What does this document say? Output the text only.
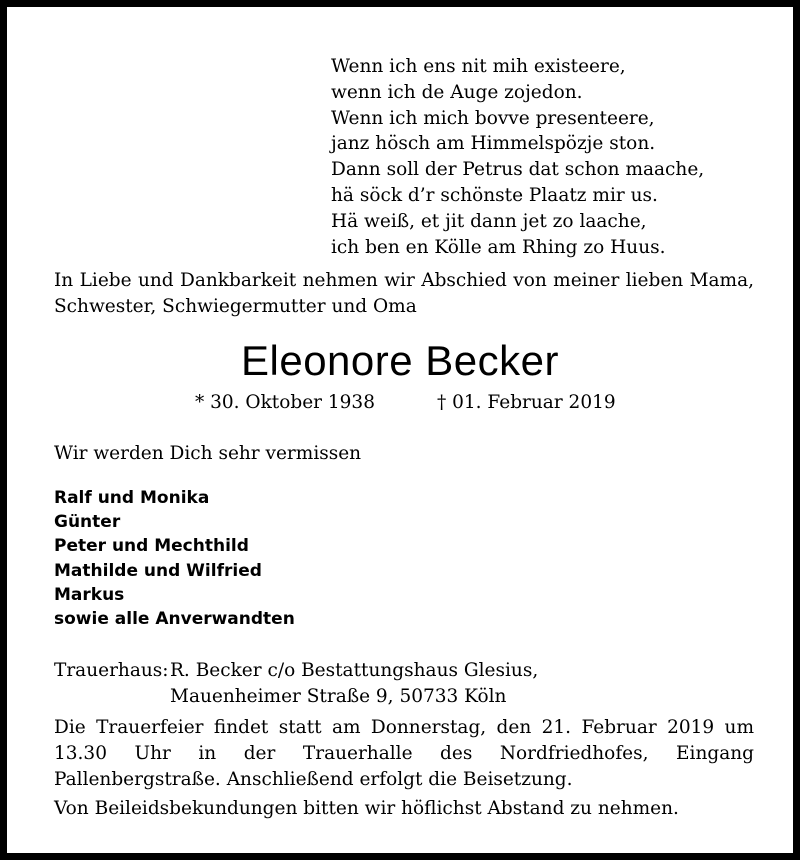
Wenn ich ens nit mih existeere,
wenn ich de Auge zojedon.
Wenn ich mich bovve presenteere,
janz hösch am Himmelspözje ston.
Dann soll der Petrus dat schon maache,
hä söck d’r schönste Plaatz mir us.
Hä weiß, et jit dann jet zo laache,
ich ben en Kölle am Rhing zo Huus.
In Liebe und Dankbarkeit nehmen wir Abschied von meiner lieben Mama, Schwester, Schwiegermutter und Oma
Eleonore Becker
* 30. Oktober 1938	† 01. Februar 2019
Wir werden Dich sehr vermissen
Ralf und Monika
Günter
Peter und Mechthild
Mathilde und Wilfried
Markus
sowie alle Anverwandten
Trauerhaus: R. Becker c/o Bestattungshaus Glesius,
Mauenheimer Straße 9, 50733 Köln
Die Trauerfeier findet statt am Donnerstag, den 21. Februar 2019 um 13.30 Uhr in der Trauerhalle des Nordfriedhofes, Eingang Pallenbergstraße. Anschließend erfolgt die Beisetzung.
Von Beileidsbekundungen bitten wir höflichst Abstand zu nehmen.
